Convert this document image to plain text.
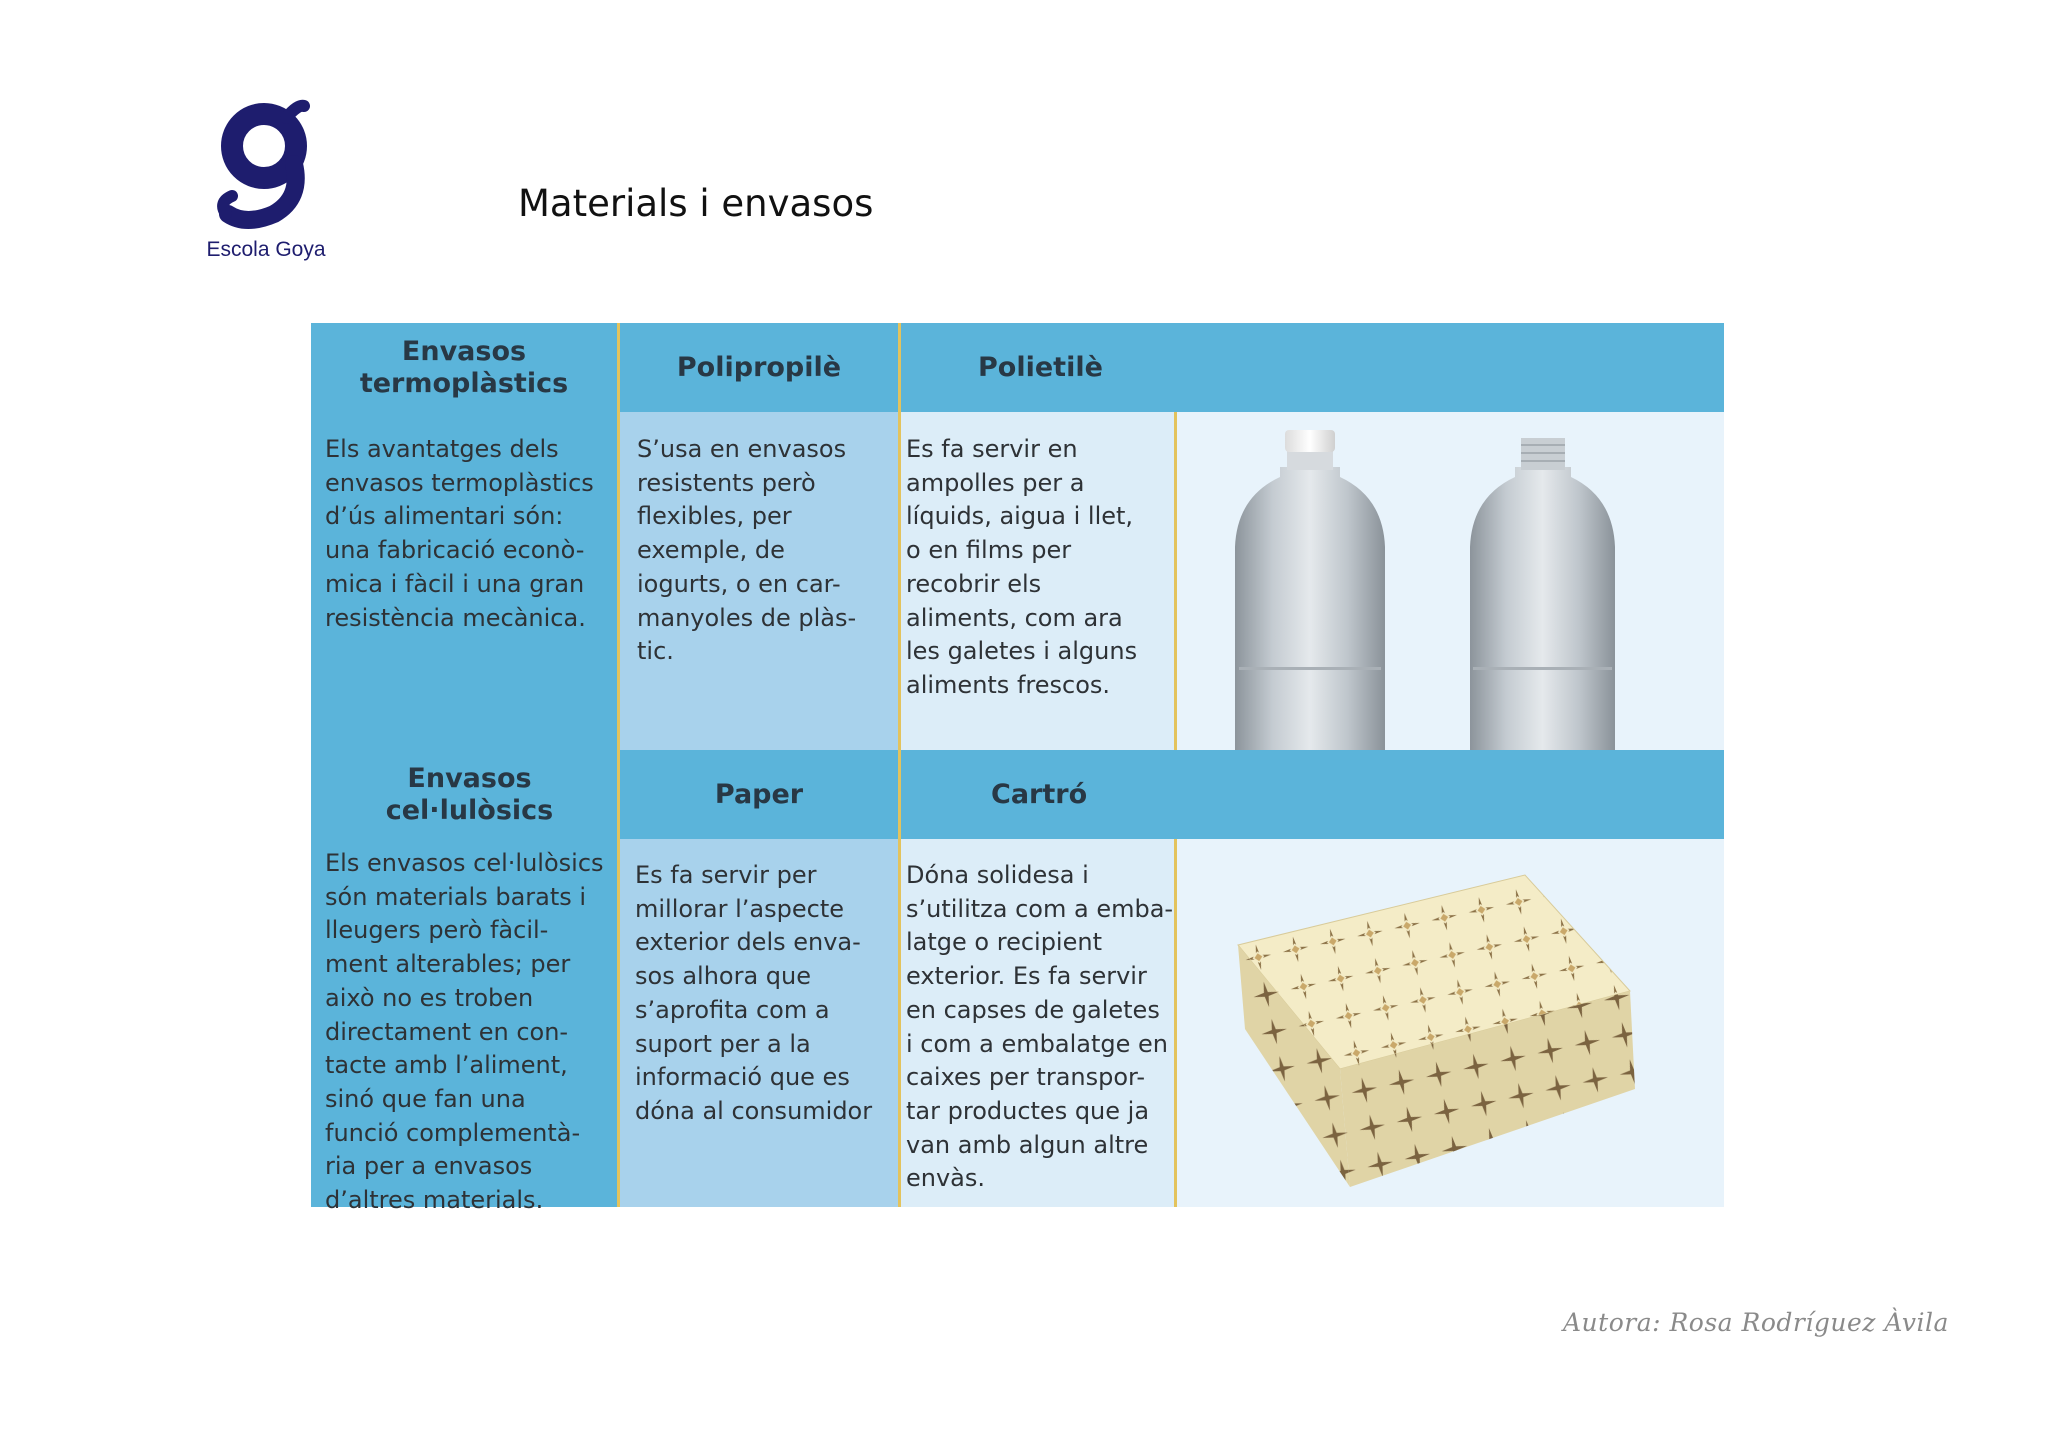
Escola Goya
Materials i envasos
Envasos termoplàstics
Polipropilè	Polietilè
Els avantatges dels
envasos termoplàstics
d’ús alimentari són:
una fabricació econò-
mica i fàcil i una gran
resistència mecànica.
S’usa en envasos
resistents però
flexibles, per
exemple, de
iogurts, o en car-
manyoles de plàs-
tic.
Es fa servir en
ampolles per a
líquids, aigua i llet,
o en films per
recobrir els
aliments, com ara
les galetes i alguns
aliments frescos.
Envasos cel·lulòsics
Paper	Cartró
Els envasos cel·lulòsics
són materials barats i
lleugers però fàcil-
ment alterables; per
això no es troben
directament en con-
tacte amb l’aliment,
sinó que fan una
funció complementà-
ria per a envasos
d’altres materials.
Es fa servir per
millorar l’aspecte
exterior dels enva-
sos alhora que
s’aprofita com a
suport per a la
informació que es
dóna al consumidor
Dóna solidesa i
s’utilitza com a emba-
latge o recipient
exterior. Es fa servir
en capses de galetes
i com a embalatge en
caixes per transpor-
tar productes que ja
van amb algun altre
envàs.
Autora: Rosa Rodríguez Àvila
